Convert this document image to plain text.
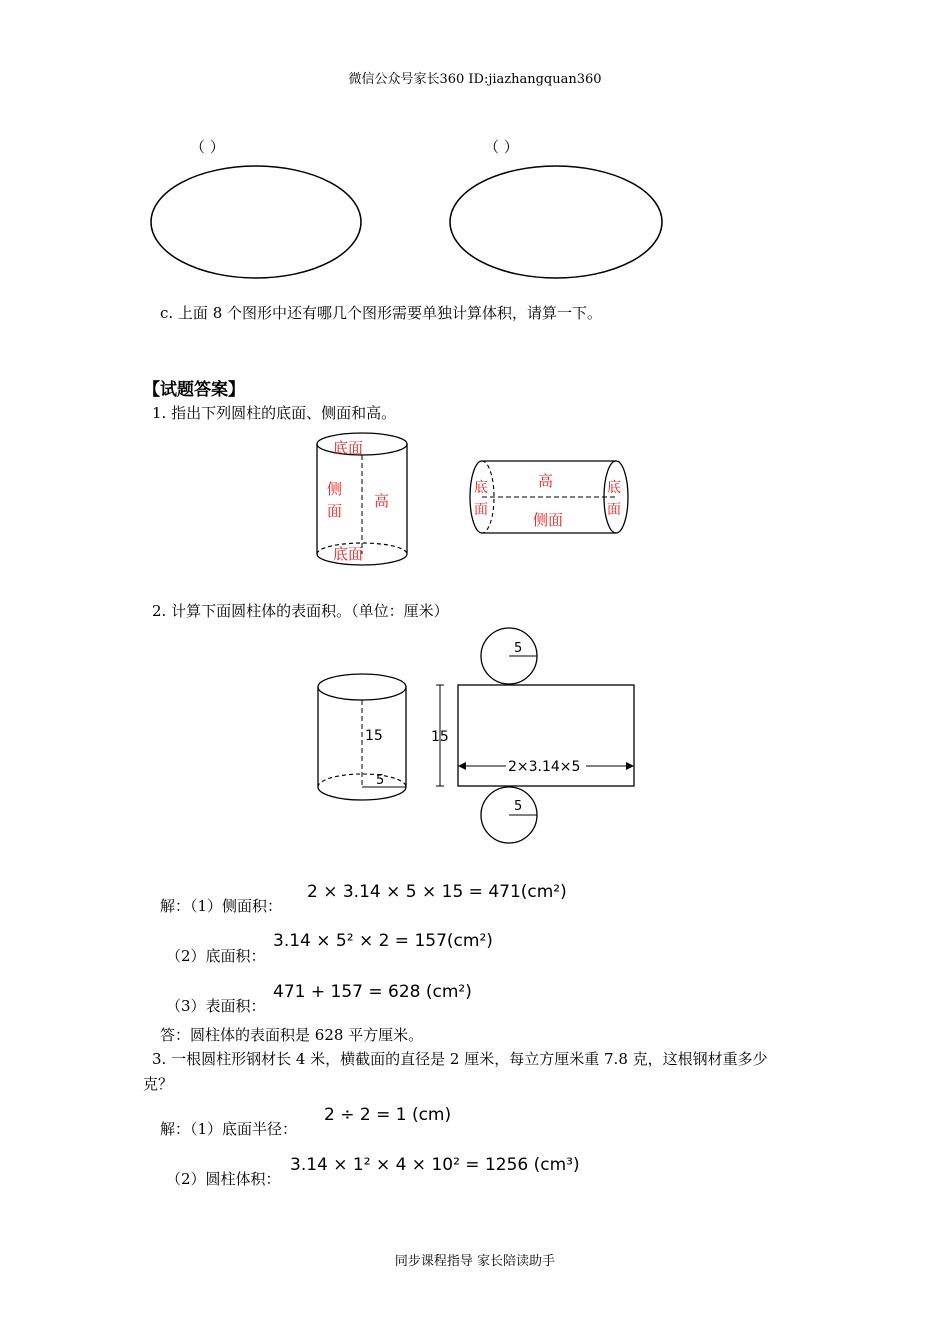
微信公众号家长360 ID:jiazhangquan360
（ ）	（ ）
c. 上面 8 个图形中还有哪几个图形需要单独计算体积，请算一下。
【试题答案】
1. 指出下列圆柱的底面、侧面和高。
底面
侧
面
高
底面
底
面
高
侧面
底
面
2. 计算下面圆柱体的表面积。（单位：厘米）
15
5
5
15
2×3.14×5
5
解：（1）侧面积：
2 × 3.14 × 5 × 15 = 471(cm²)
（2）底面积：
3.14 × 5² × 2 = 157(cm²)
（3）表面积：
471 + 157 = 628 (cm²)
答：圆柱体的表面积是 628 平方厘米。
3. 一根圆柱形钢材长 4 米，横截面的直径是 2 厘米，每立方厘米重 7.8 克，这根钢材重多少
克？
解：（1）底面半径：
2 ÷ 2 = 1 (cm)
（2）圆柱体积：
3.14 × 1² × 4 × 10² = 1256 (cm³)
同步课程指导 家长陪读助手
